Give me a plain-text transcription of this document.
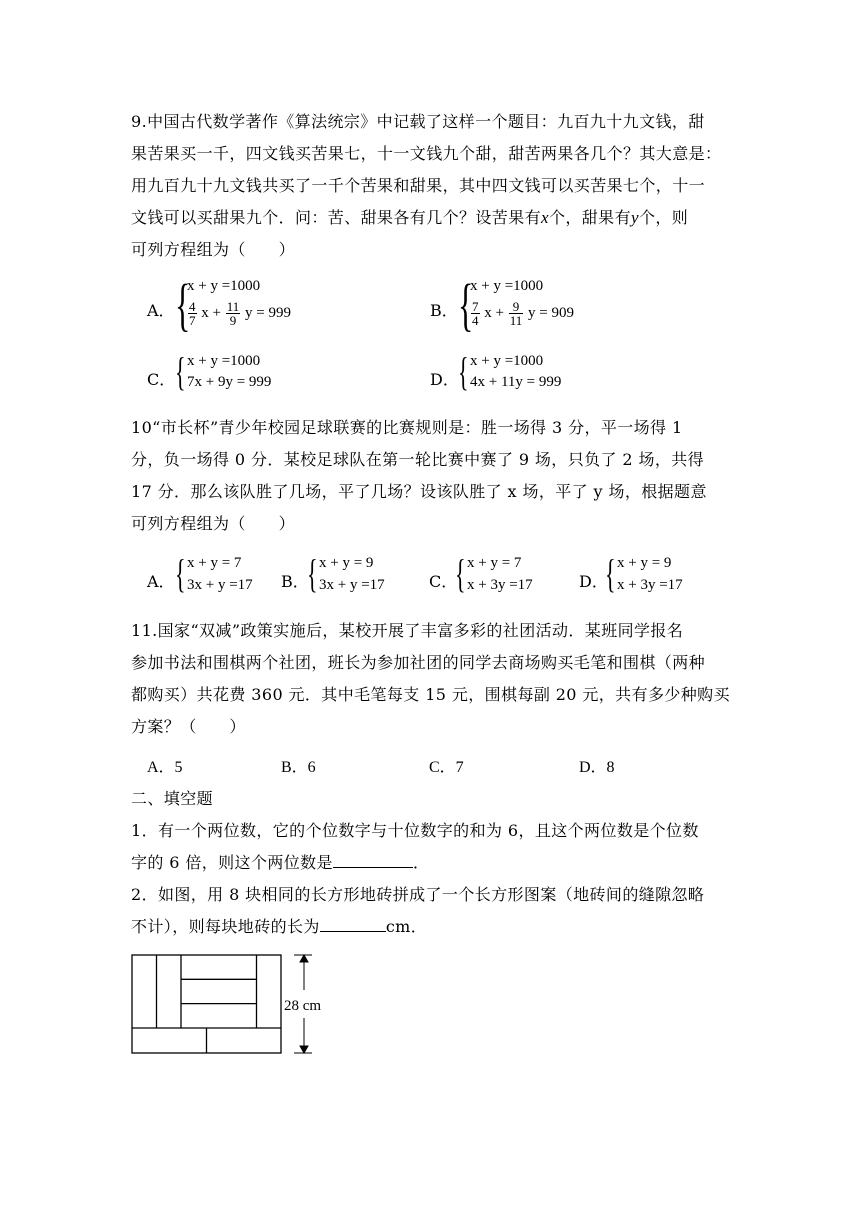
9.中国古代数学著作《算法统宗》中记载了这样一个题目：九百九十九文钱，甜
果苦果买一千，四文钱买苦果七，十一文钱九个甜，甜苦两果各几个？其大意是：
用九百九十九文钱共买了一千个苦果和甜果，其中四文钱可以买苦果七个，十一
文钱可以买甜果九个．问：苦、甜果各有几个？设苦果有x个，甜果有y个，则
可列方程组为（　　）
A． {
x + y =1000
$\frac{4}{7}$ $x + \frac{11}{9}$ y = 999	B． {
x + y =1000
$\frac{7}{4}$ $x + \frac{9}{11}$ y = 909
C． { x + y =1000
7x + 9y = 999	D． { x + y =1000
4x + 11y = 999
10“市长杯”青少年校园足球联赛的比赛规则是：胜一场得 3 分，平一场得 1
分，负一场得 0 分．某校足球队在第一轮比赛中赛了 9 场，只负了 2 场，共得
17 分．那么该队胜了几场，平了几场？设该队胜了 x 场，平了 y 场，根据题意
可列方程组为（　　）
A． { x + y = 7
3x + y =17 B．
{ x + y = 9
3x + y =17	C．
{ x + y = 7
x + 3y =17	D．
{ x + y = 9
x + 3y =17
11.国家“双减”政策实施后，某校开展了丰富多彩的社团活动．某班同学报名
参加书法和围棋两个社团，班长为参加社团的同学去商场购买毛笔和围棋（两种
都购买）共花费 360 元．其中毛笔每支 15 元，围棋每副 20 元，共有多少种购买
方案？（　　）
A．5	B．6	C．7	D．8
二、填空题
1．有一个两位数，它的个位数字与十位数字的和为 6，且这个两位数是个位数
字的 6 倍，则这个两位数是	．
2．如图，用 8 块相同的长方形地砖拼成了一个长方形图案（地砖间的缝隙忽略
不计），则每块地砖的长为	cm．
28 cm
